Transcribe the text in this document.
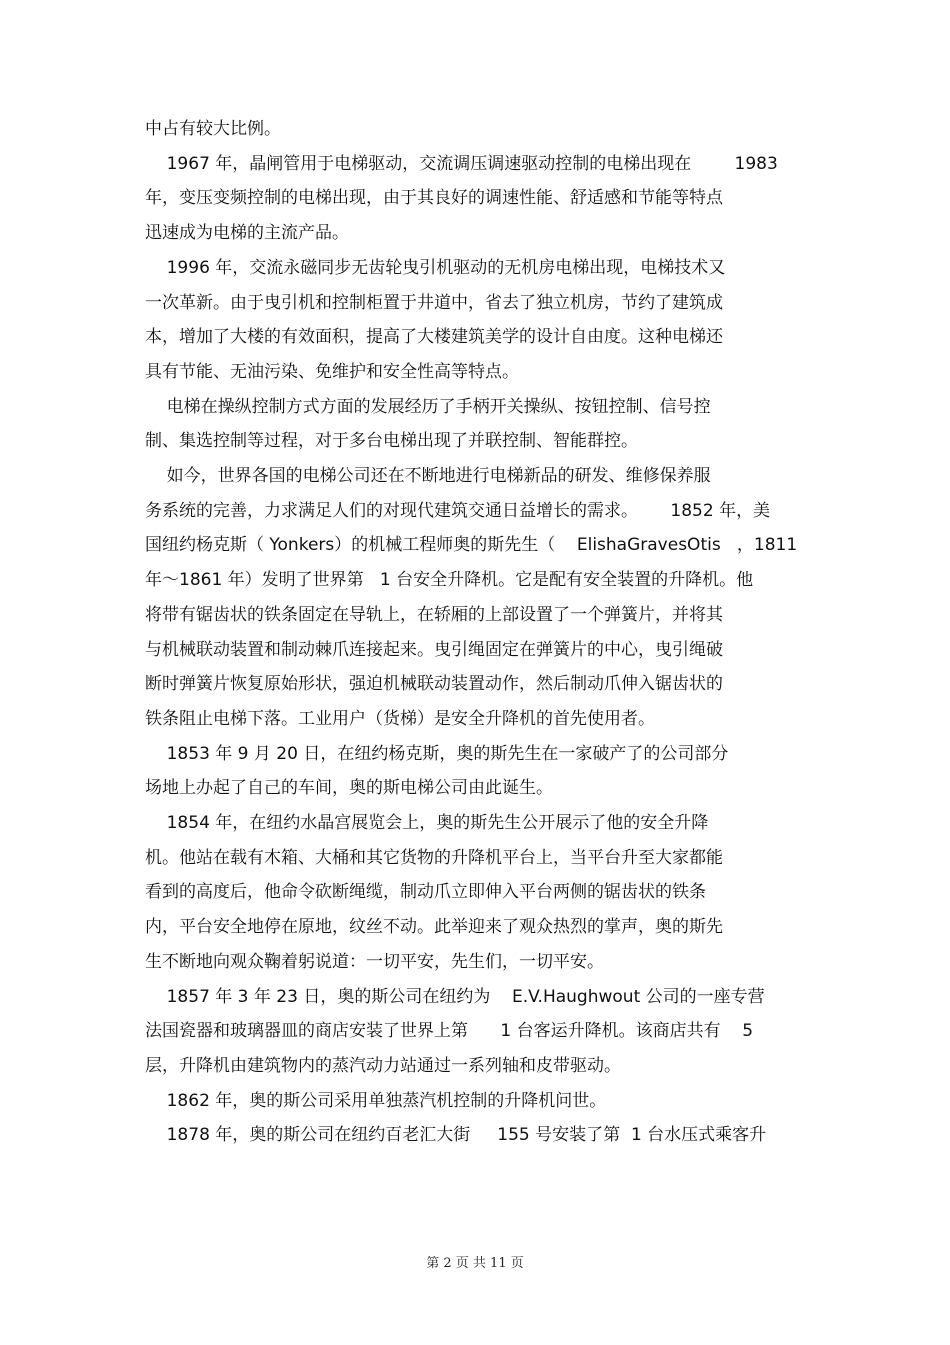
中占有较大比例。
1967 年，晶闸管用于电梯驱动，交流调压调速驱动控制的电梯出现在        1983
年，变压变频控制的电梯出现，由于其良好的调速性能、舒适感和节能等特点
迅速成为电梯的主流产品。
1996 年，交流永磁同步无齿轮曳引机驱动的无机房电梯出现，电梯技术又
一次革新。由于曳引机和控制柜置于井道中，省去了独立机房，节约了建筑成
本，增加了大楼的有效面积，提高了大楼建筑美学的设计自由度。这种电梯还
具有节能、无油污染、免维护和安全性高等特点。
电梯在操纵控制方式方面的发展经历了手柄开关操纵、按钮控制、信号控
制、集选控制等过程，对于多台电梯出现了并联控制、智能群控。
如今，世界各国的电梯公司还在不断地进行电梯新品的研发、维修保养服
务系统的完善，力求满足人们的对现代建筑交通日益增长的需求。      1852 年，美
国纽约杨克斯（ Yonkers）的机械工程师奥的斯先生（    ElishaGravesOtis   ，1811
年～1861 年）发明了世界第   1 台安全升降机。它是配有安全装置的升降机。他
将带有锯齿状的铁条固定在导轨上，在轿厢的上部设置了一个弹簧片，并将其
与机械联动装置和制动棘爪连接起来。曳引绳固定在弹簧片的中心，曳引绳破
断时弹簧片恢复原始形状，强迫机械联动装置动作，然后制动爪伸入锯齿状的
铁条阻止电梯下落。工业用户（货梯）是安全升降机的首先使用者。
1853 年 9 月 20 日，在纽约杨克斯，奥的斯先生在一家破产了的公司部分
场地上办起了自己的车间，奥的斯电梯公司由此诞生。
1854 年，在纽约水晶宫展览会上，奥的斯先生公开展示了他的安全升降
机。他站在载有木箱、大桶和其它货物的升降机平台上，当平台升至大家都能
看到的高度后，他命令砍断绳缆，制动爪立即伸入平台两侧的锯齿状的铁条
内，平台安全地停在原地，纹丝不动。此举迎来了观众热烈的掌声，奥的斯先
生不断地向观众鞠着躬说道：一切平安，先生们，一切平安。
1857 年 3 年 23 日，奥的斯公司在纽约为    E.V.Haughwout 公司的一座专营
法国瓷器和玻璃器皿的商店安装了世界上第      1 台客运升降机。该商店共有    5
层，升降机由建筑物内的蒸汽动力站通过一系列轴和皮带驱动。
1862 年，奥的斯公司采用单独蒸汽机控制的升降机问世。
1878 年，奥的斯公司在纽约百老汇大街     155 号安装了第  1 台水压式乘客升
第 2 页 共 11 页
